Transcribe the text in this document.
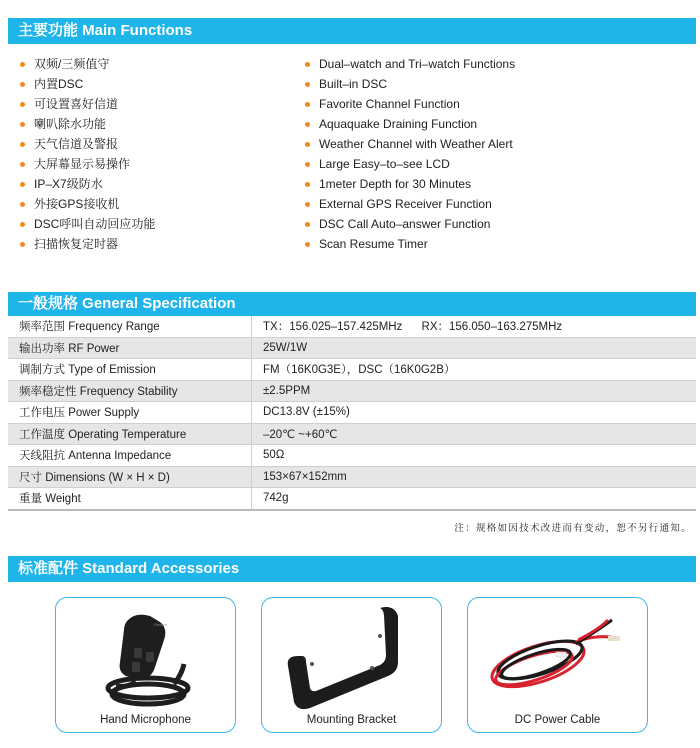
主要功能 Main Functions
双频/三频值守
内置DSC
可设置喜好信道
喇叭除水功能
天气信道及警报
大屏幕显示易操作
IP–X7级防水
外接GPS接收机
DSC呼叫自动回应功能
扫描恢复定时器
Dual–watch and Tri–watch Functions
Built–in DSC
Favorite Channel Function
Aquaquake Draining Function
Weather Channel with Weather Alert
Large Easy–to–see LCD
1meter Depth for 30 Minutes
External GPS Receiver Function
DSC Call Auto–answer Function
Scan Resume Timer
一般规格 General Specification
频率范围 Frequency Range	TX：156.025–157.425MHz      RX：156.050–163.275MHz
输出功率 RF Power	25W/1W
调制方式 Type of Emission	FM（16K0G3E），DSC（16K0G2B）
频率稳定性 Frequency Stability	±2.5PPM
工作电压 Power Supply	DC13.8V (±15%)
工作温度 Operating Temperature	–20℃ ~+60℃
天线阻抗 Antenna Impedance	50Ω
尺寸 Dimensions (W × H × D)	153×67×152mm
重量 Weight	742g
注：规格如因技术改进而有变动，恕不另行通知。
标准配件 Standard Accessories
Recent
Hand Microphone	Mounting Bracket	DC Power Cable
